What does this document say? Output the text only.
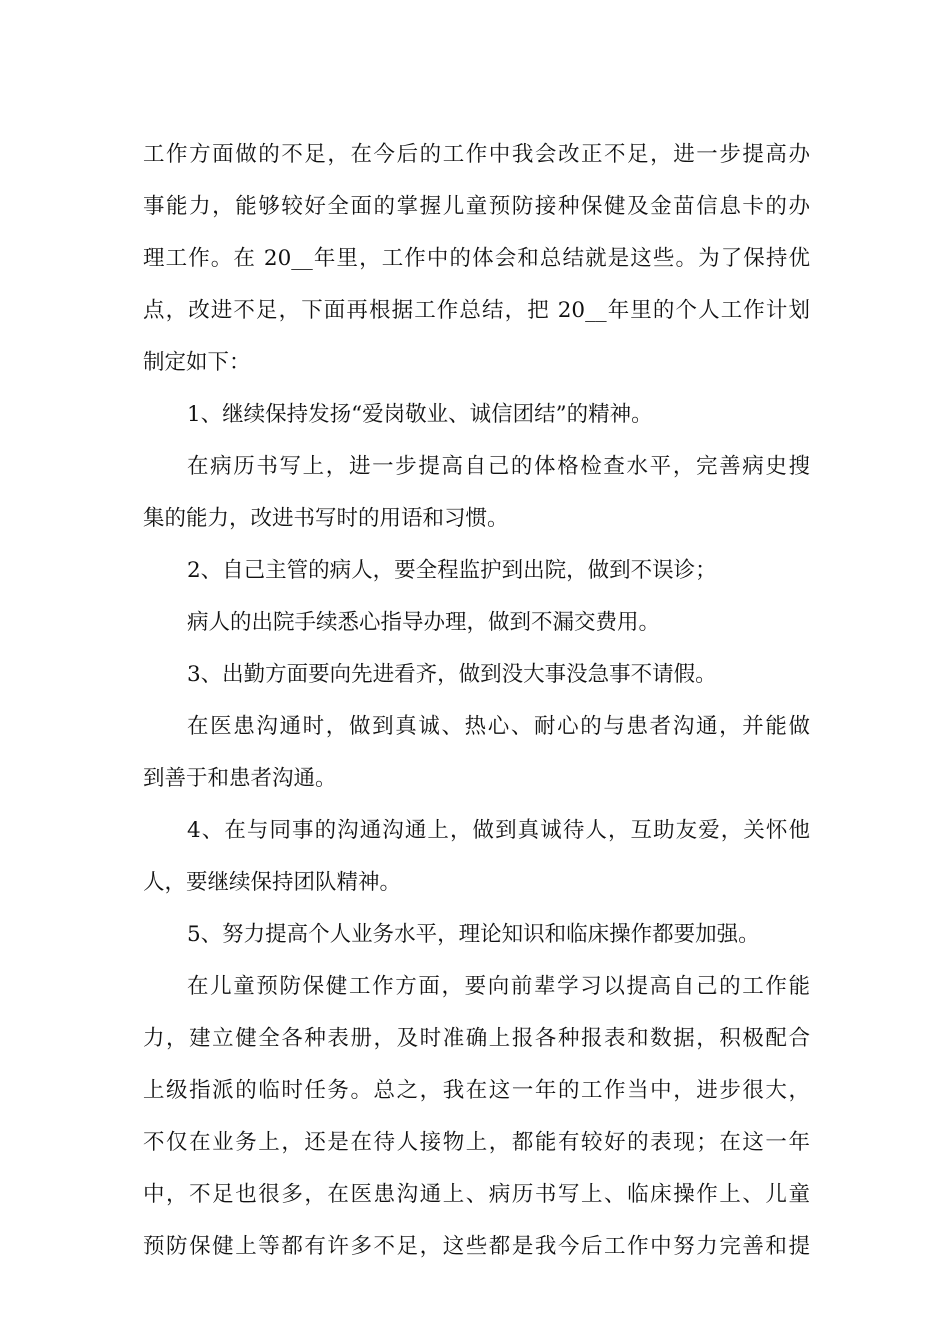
工作方面做的不足，在今后的工作中我会改正不足，进一步提高办
事能力，能够较好全面的掌握儿童预防接种保健及金苗信息卡的办
理工作。在 20__年里，工作中的体会和总结就是这些。为了保持优
点，改进不足，下面再根据工作总结，把 20__年里的个人工作计划
制定如下：
1、继续保持发扬“爱岗敬业、诚信团结”的精神。
在病历书写上，进一步提高自己的体格检查水平，完善病史搜
集的能力，改进书写时的用语和习惯。
2、自己主管的病人，要全程监护到出院，做到不误诊；
病人的出院手续悉心指导办理，做到不漏交费用。
3、出勤方面要向先进看齐，做到没大事没急事不请假。
在医患沟通时，做到真诚、热心、耐心的与患者沟通，并能做
到善于和患者沟通。
4、在与同事的沟通沟通上，做到真诚待人，互助友爱，关怀他
人，要继续保持团队精神。
5、努力提高个人业务水平，理论知识和临床操作都要加强。
在儿童预防保健工作方面，要向前辈学习以提高自己的工作能
力，建立健全各种表册，及时准确上报各种报表和数据，积极配合
上级指派的临时任务。总之，我在这一年的工作当中，进步很大，
不仅在业务上，还是在待人接物上，都能有较好的表现；在这一年
中，不足也很多，在医患沟通上、病历书写上、临床操作上、儿童
预防保健上等都有许多不足，这些都是我今后工作中努力完善和提
